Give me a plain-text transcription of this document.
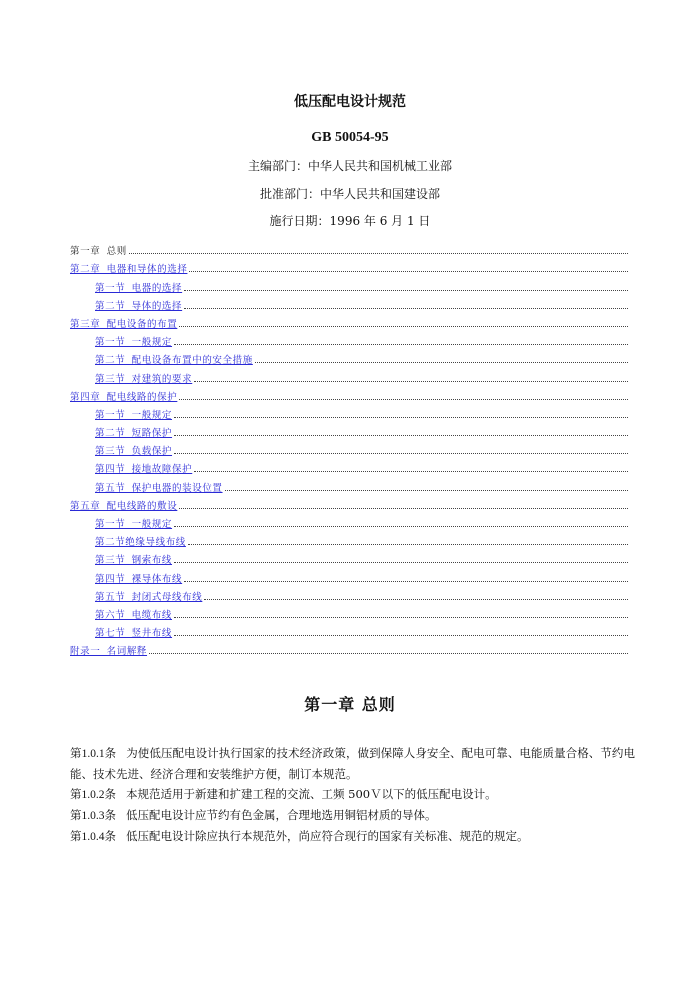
低压配电设计规范
GB 50054-95
主编部门：中华人民共和国机械工业部
批准部门：中华人民共和国建设部
施行日期：1996 年 6 月 1 日
第一章 总则
第二章 电器和导体的选择
第一节 电器的选择
第二节 导体的选择
第三章 配电设备的布置
第一节 一般规定
第二节 配电设备布置中的安全措施
第三节 对建筑的要求
第四章 配电线路的保护
第一节 一般规定
第二节 短路保护
第三节 负载保护
第四节 接地故障保护
第五节 保护电器的装设位置
第五章 配电线路的敷设
第一节 一般规定
第二节绝缘导线布线
第三节 钢索布线
第四节 裸导体布线
第五节 封闭式母线布线
第六节 电缆布线
第七节 竖井布线
附录一 名词解释
第一章 总则

第1.0.1条 为使低压配电设计执行国家的技术经济政策，做到保障人身安全、配电可靠、电能质量合格、节约电能、技术先进、经济合理和安装维护方便，制订本规范。

第1.0.2条 本规范适用于新建和扩建工程的交流、工频 500Ｖ以下的低压配电设计。

第1.0.3条 低压配电设计应节约有色金属，合理地选用铜铝材质的导体。

第1.0.4条 低压配电设计除应执行本规范外，尚应符合现行的国家有关标准、规范的规定。
